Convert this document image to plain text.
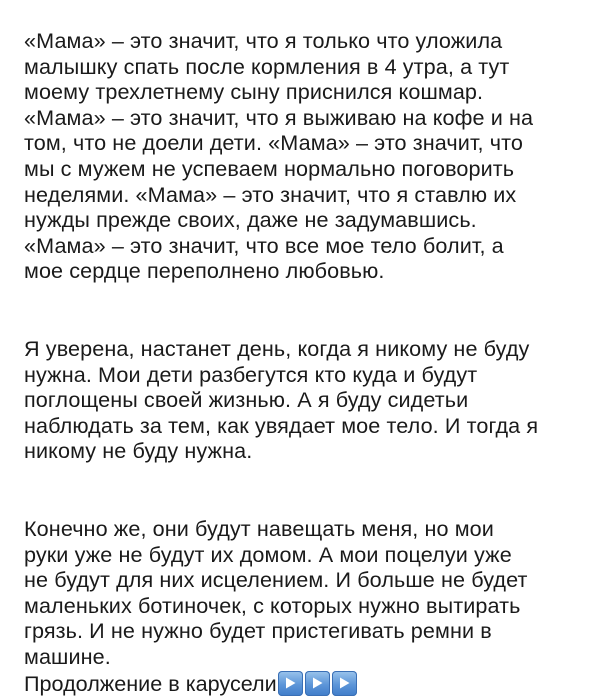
«Мама» – это значит, что я только что уложила

малышку спать после кормления в 4 утра, а тут

моему трехлетнему сыну приснился кошмар.

«Мама» – это значит, что я выживаю на кофе и на

том, что не доели дети. «Мама» – это значит, что

мы с мужем не успеваем нормально поговорить

неделями. «Мама» – это значит, что я ставлю их

нужды прежде своих, даже не задумавшись.

«Мама» – это значит, что все мое тело болит, а

мое сердце переполнено любовью.

Я уверена, настанет день, когда я никому не буду

нужна. Мои дети разбегутся кто куда и будут

поглощены своей жизнью. А я буду сидетьи

наблюдать за тем, как увядает мое тело. И тогда я

никому не буду нужна.

Конечно же, они будут навещать меня, но мои

руки уже не будут их домом. А мои поцелуи уже

не будут для них исцелением. И больше не будет

маленьких ботиночек, с которых нужно вытирать

грязь. И не нужно будет пристегивать ремни в

машине.

Продолжение в карусели
